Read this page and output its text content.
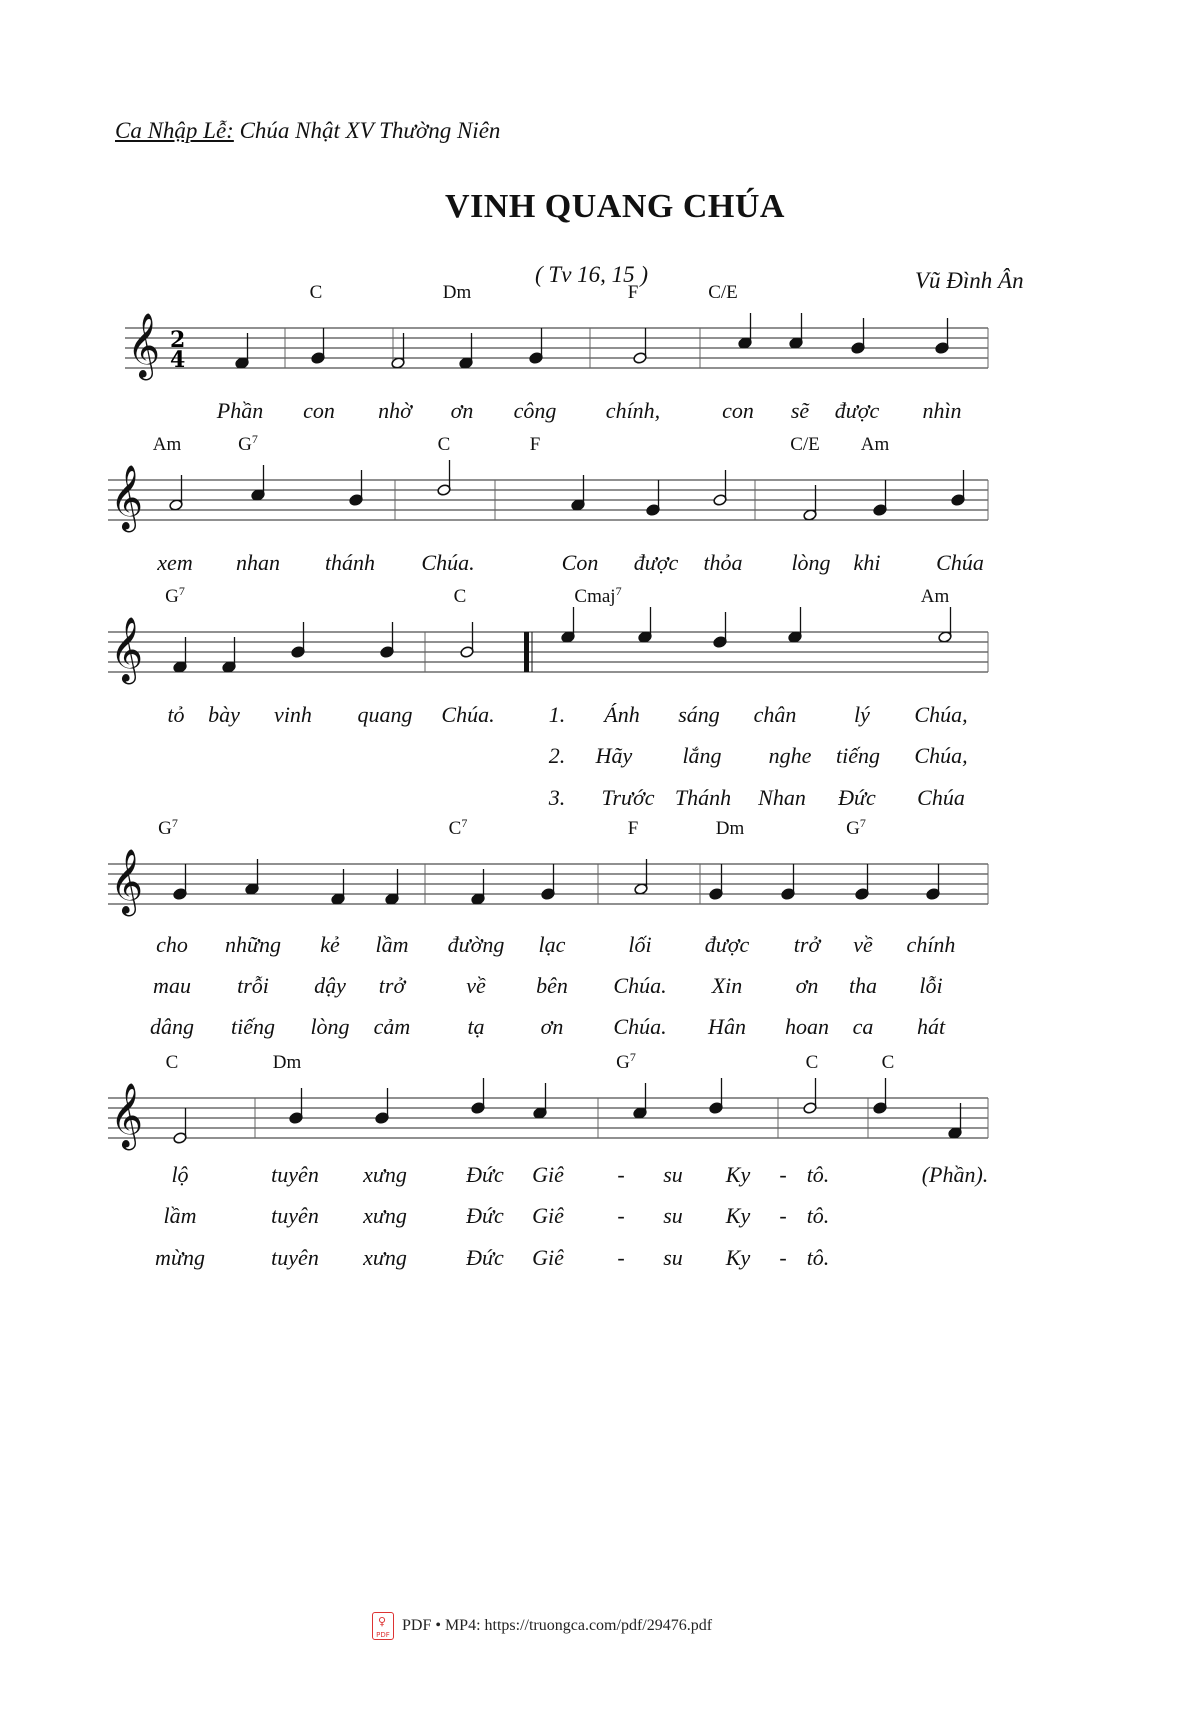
Ca Nhập Lễ: Chúa Nhật XV Thường Niên
VINH QUANG CHÚA
( Tv 16, 15 )	Vũ Đình Ân
𝄞 2
4
C	Dm	F	C/E
Phần con nhờ ơn công chính,	con sẽ được nhìn
𝄞
Am	$G^7$	C	F	C/E Am
xem nhan thánh Chúa.	Con được thỏa lòng khi	Chúa
𝄞
$G^7$	C	Cmaj$^7$	Am
tỏ bày vinh quang Chúa. 1. Ánh sáng chân	lý Chúa,
2. Hãy lắng nghe tiếng Chúa,
3. Trước Thánh Nhan Đức Chúa
𝄞
$G^7$	$C^7$	F	Dm	$G^7$
cho những kẻ lầm đường lạc	lối được trở về chính
mau trỗi dậy trở	về bên Chúa. Xin ơn tha lỗi
dâng tiếng lòng cảm	tạ	ơn Chúa. Hân hoan ca hát
𝄞
C	Dm	$G^7$	C	C
lộ	tuyên xưng	Đức Giê - su Ky - tô.	(Phần).
lầm	tuyên xưng	Đức Giê - su Ky - tô.
mừng	tuyên xưng	Đức Giê - su Ky - tô.
♀ PDF
PDF • MP4: https://truongca.com/pdf/29476.pdf
